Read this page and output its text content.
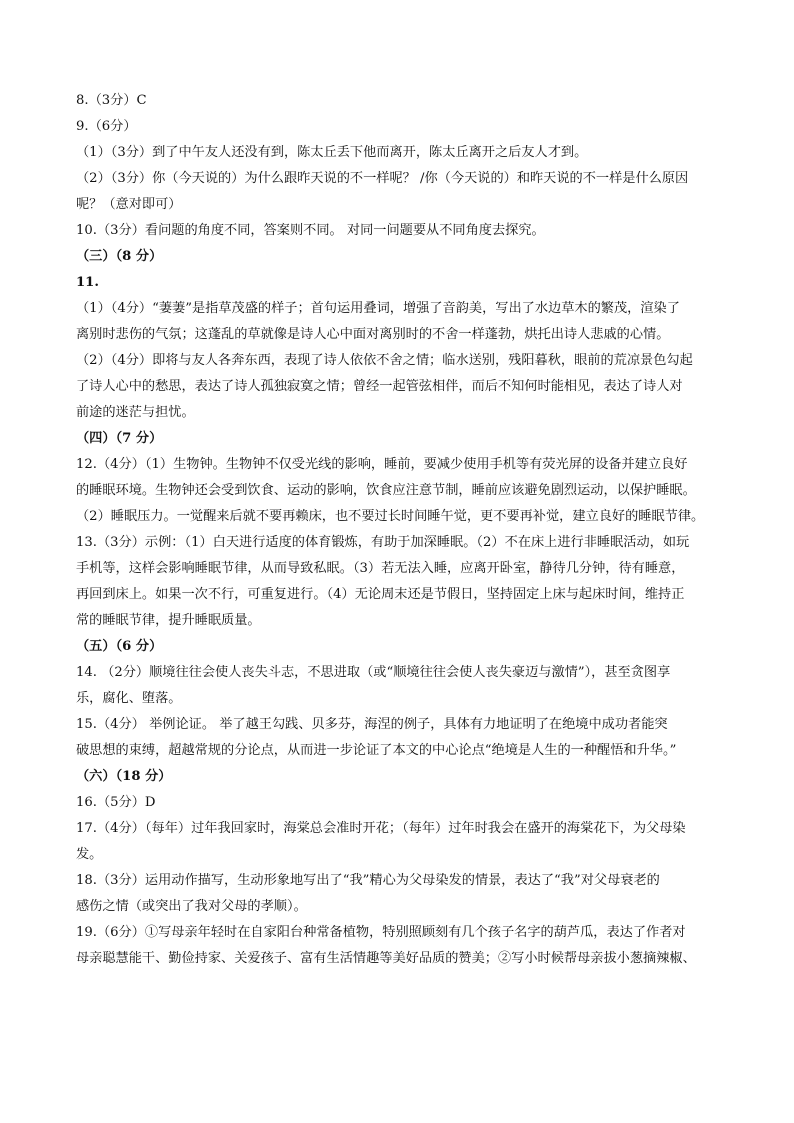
8.（3分）C
9.（6分）
（1）（3分）到了中午友人还没有到，陈太丘丢下他而离开，陈太丘离开之后友人才到。
（2）（3分）你（今天说的）为什么跟昨天说的不一样呢？ /你（今天说的）和昨天说的不一样是什么原因
呢？（意对即可）
10.（3分）看问题的角度不同，答案则不同。 对同一问题要从不同角度去探究。
（三）（8 分）
11.
（1）（4分）“萋萋”是指草茂盛的样子；首句运用叠词，增强了音韵美，写出了水边草木的繁茂，渲染了
离别时悲伤的气氛；这蓬乱的草就像是诗人心中面对离别时的不舍一样蓬勃，烘托出诗人悲戚的心情。
（2）（4分）即将与友人各奔东西，表现了诗人依依不舍之情；临水送别，残阳暮秋，眼前的荒凉景色勾起
了诗人心中的愁思，表达了诗人孤独寂寞之情；曾经一起管弦相伴，而后不知何时能相见，表达了诗人对
前途的迷茫与担忧。
（四）（7 分）
12.（4分）（1）生物钟。生物钟不仅受光线的影响，睡前，要减少使用手机等有荧光屏的设备并建立良好
的睡眠环境。生物钟还会受到饮食、运动的影响，饮食应注意节制，睡前应该避免剧烈运动，以保护睡眠。
（2）睡眠压力。一觉醒来后就不要再赖床，也不要过长时间睡午觉，更不要再补觉，建立良好的睡眠节律。
13.（3分）示例：（1）白天进行适度的体育锻炼，有助于加深睡眠。（2）不在床上进行非睡眠活动，如玩
手机等，这样会影响睡眠节律，从而导致私眠。（3）若无法入睡，应离开卧室，静待几分钟，待有睡意，
再回到床上。如果一次不行，可重复进行。（4）无论周末还是节假日，坚持固定上床与起床时间，维持正
常的睡眠节律，提升睡眠质量。
（五）（6 分）
14. （2分）顺境往往会使人丧失斗志，不思进取（或“顺境往往会使人丧失豪迈与激情”），甚至贪图享
乐，腐化、堕落。
15.（4分） 举例论证。 举了越王勾践、贝多芬，海涅的例子，具体有力地证明了在绝境中成功者能突
破思想的束缚，超越常规的分论点，从而进一步论证了本文的中心论点“绝境是人生的一种醒悟和升华。”
（六）（18 分）
16.（5分）D
17.（4分）（每年）过年我回家时，海棠总会准时开花；（每年）过年时我会在盛开的海棠花下，为父母染
发。
18.（3分）运用动作描写，生动形象地写出了“我”精心为父母染发的情景，表达了“我”对父母衰老的
感伤之情（或突出了我对父母的孝顺）。
19.（6分）①写母亲年轻时在自家阳台种常备植物，特别照顾刻有几个孩子名字的葫芦瓜，表达了作者对
母亲聪慧能干、勤俭持家、关爱孩子、富有生活情趣等美好品质的赞美；②写小时候帮母亲拔小葱摘辣椒、
